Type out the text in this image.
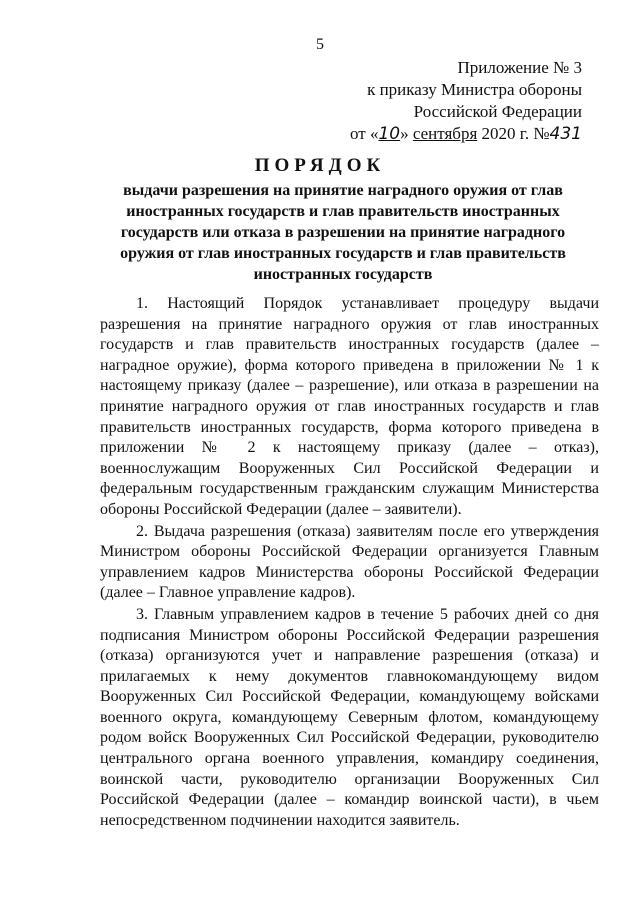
5
Приложение № 3
к приказу Министра обороны
Российской Федерации
от «10» сентября 2020 г. №431
ПОРЯДОК
выдачи разрешения на принятие наградного оружия от глав иностранных государств и глав правительств иностранных государств или отказа в разрешении на принятие наградного оружия от глав иностранных государств и глав правительств иностранных государств

1. Настоящий Порядок устанавливает процедуру выдачи разрешения на принятие наградного оружия от глав иностранных государств и глав правительств иностранных государств (далее – наградное оружие), форма которого приведена в приложении № 1 к настоящему приказу (далее – разрешение), или отказа в разрешении на принятие наградного оружия от глав иностранных государств и глав правительств иностранных государств, форма которого приведена в приложении № 2 к настоящему приказу (далее – отказ), военнослужащим Вооруженных Сил Российской Федерации и федеральным государственным гражданским служащим Министерства обороны Российской Федерации (далее – заявители).

2. Выдача разрешения (отказа) заявителям после его утверждения Министром обороны Российской Федерации организуется Главным управлением кадров Министерства обороны Российской Федерации (далее – Главное управление кадров).

3. Главным управлением кадров в течение 5 рабочих дней со дня подписания Министром обороны Российской Федерации разрешения (отказа) организуются учет и направление разрешения (отказа) и прилагаемых к нему документов главнокомандующему видом Вооруженных Сил Российской Федерации, командующему войсками военного округа, командующему Северным флотом, командующему родом войск Вооруженных Сил Российской Федерации, руководителю центрального органа военного управления, командиру соединения, воинской части, руководителю организации Вооруженных Сил Российской Федерации (далее – командир воинской части), в чьем непосредственном подчинении находится заявитель.
